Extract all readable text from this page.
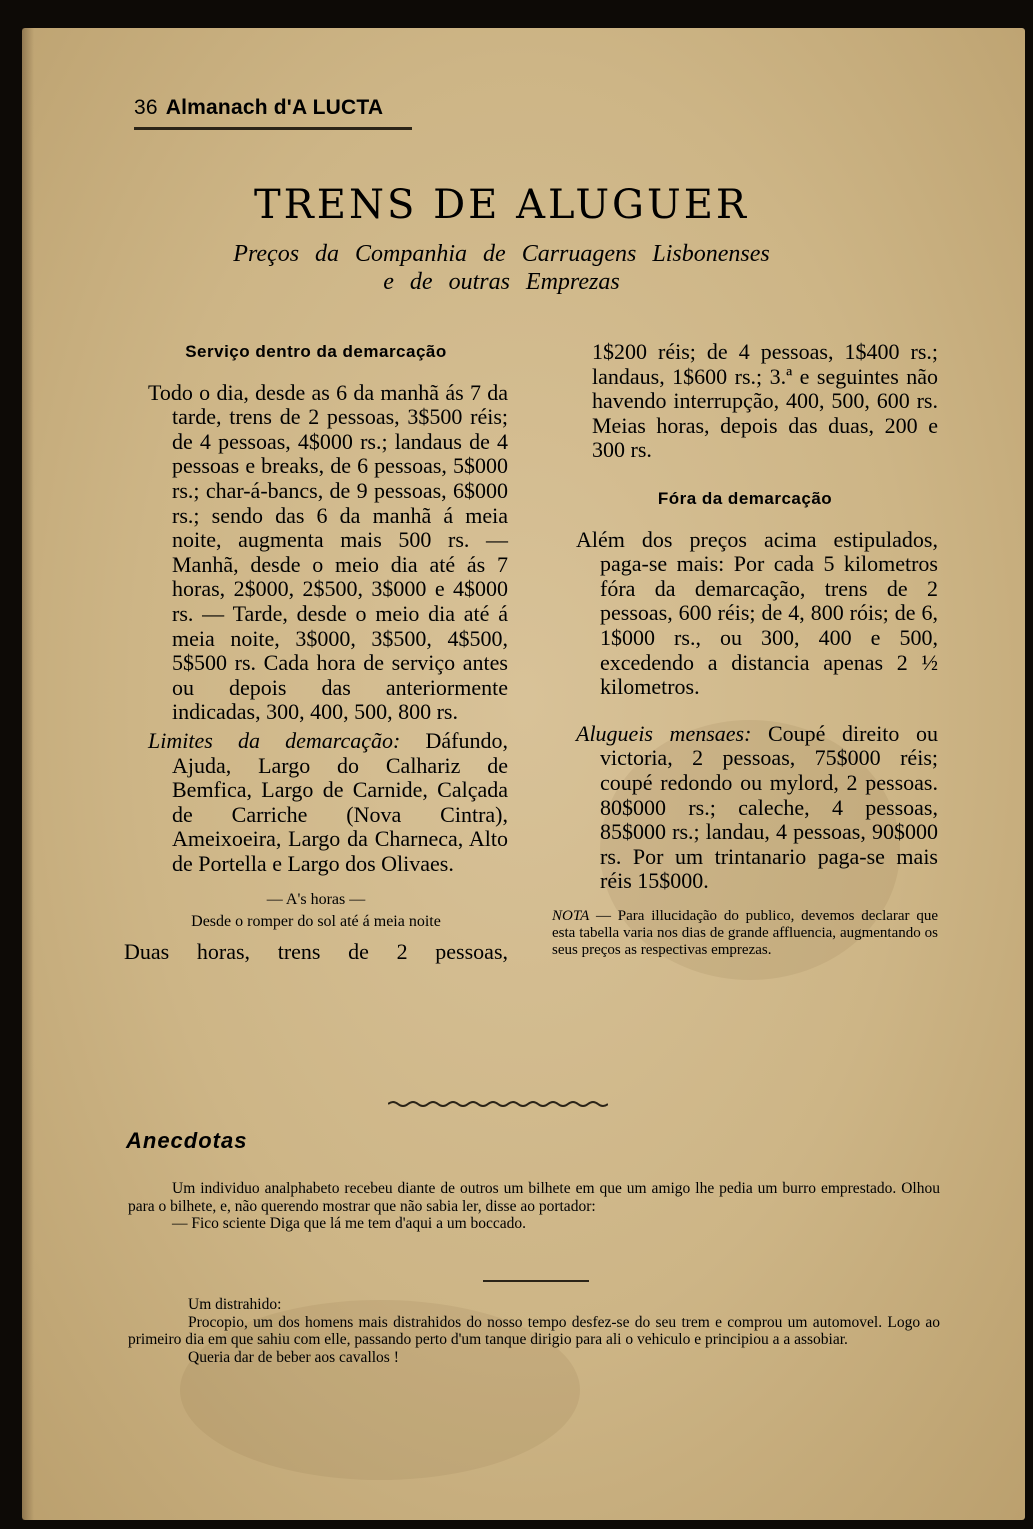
36 Almanach d'A LUCTA
TRENS DE ALUGUER
Preços da Companhia de Carruagens Lisbonenses
e de outras Emprezas
Serviço dentro da demarcação

Todo o dia, desde as 6 da manhã ás 7 da tarde, trens de 2 pessoas, 3$500 réis; de 4 pessoas, 4$000 rs.; landaus de 4 pessoas e breaks, de 6 pessoas, 5$000 rs.; char-á-bancs, de 9 pessoas, 6$000 rs.; sendo das 6 da manhã á meia noite, augmenta mais 500 rs. — Manhã, desde o meio dia até ás 7 horas, 2$000, 2$500, 3$000 e 4$000 rs. — Tarde, desde o meio dia até á meia noite, 3$000, 3$500, 4$500, 5$500 rs. Cada hora de serviço antes ou depois das anteriormente indicadas, 300, 400, 500, 800 rs.

Limites da demarcação: Dáfundo, Ajuda, Largo do Calhariz de Bemfica, Largo de Carnide, Calçada de Carriche (Nova Cintra), Ameixoeira, Largo da Charneca, Alto de Portella e Largo dos Olivaes.

— A's horas —
Desde o romper do sol até á meia noite
Duas horas, trens de 2 pessoas,

1$200 réis; de 4 pessoas, 1$400 rs.; landaus, 1$600 rs.; 3.ª e seguintes não havendo interrupção, 400, 500, 600 rs. Meias horas, depois das duas, 200 e 300 rs.

Fóra da demarcação

Além dos preços acima estipulados, paga-se mais: Por cada 5 kilometros fóra da demarcação, trens de 2 pessoas, 600 réis; de 4, 800 róis; de 6, 1$000 rs., ou 300, 400 e 500, excedendo a distancia apenas 2 ½ kilometros.

Alugueis mensaes: Coupé direito ou victoria, 2 pessoas, 75$000 réis; coupé redondo ou mylord, 2 pessoas. 80$000 rs.; caleche, 4 pessoas, 85$000 rs.; landau, 4 pessoas, 90$000 rs. Por um trintanario paga-se mais réis 15$000.

NOTA — Para illucidação do publico, devemos declarar que esta tabella varia nos dias de grande affluencia, augmentando os seus preços as respectivas emprezas.

Anecdotas

Um individuo analphabeto recebeu diante de outros um bilhete em que um amigo lhe pedia um burro emprestado. Olhou para o bilhete, e, não querendo mostrar que não sabia ler, disse ao portador:

— Fico sciente Diga que lá me tem d'aqui a um boccado.

Um distrahido:

Procopio, um dos homens mais distrahidos do nosso tempo desfez-se do seu trem e comprou um automovel. Logo ao primeiro dia em que sahiu com elle, passando perto d'um tanque dirigio para ali o vehiculo e principiou a a assobiar.

Queria dar de beber aos cavallos !
